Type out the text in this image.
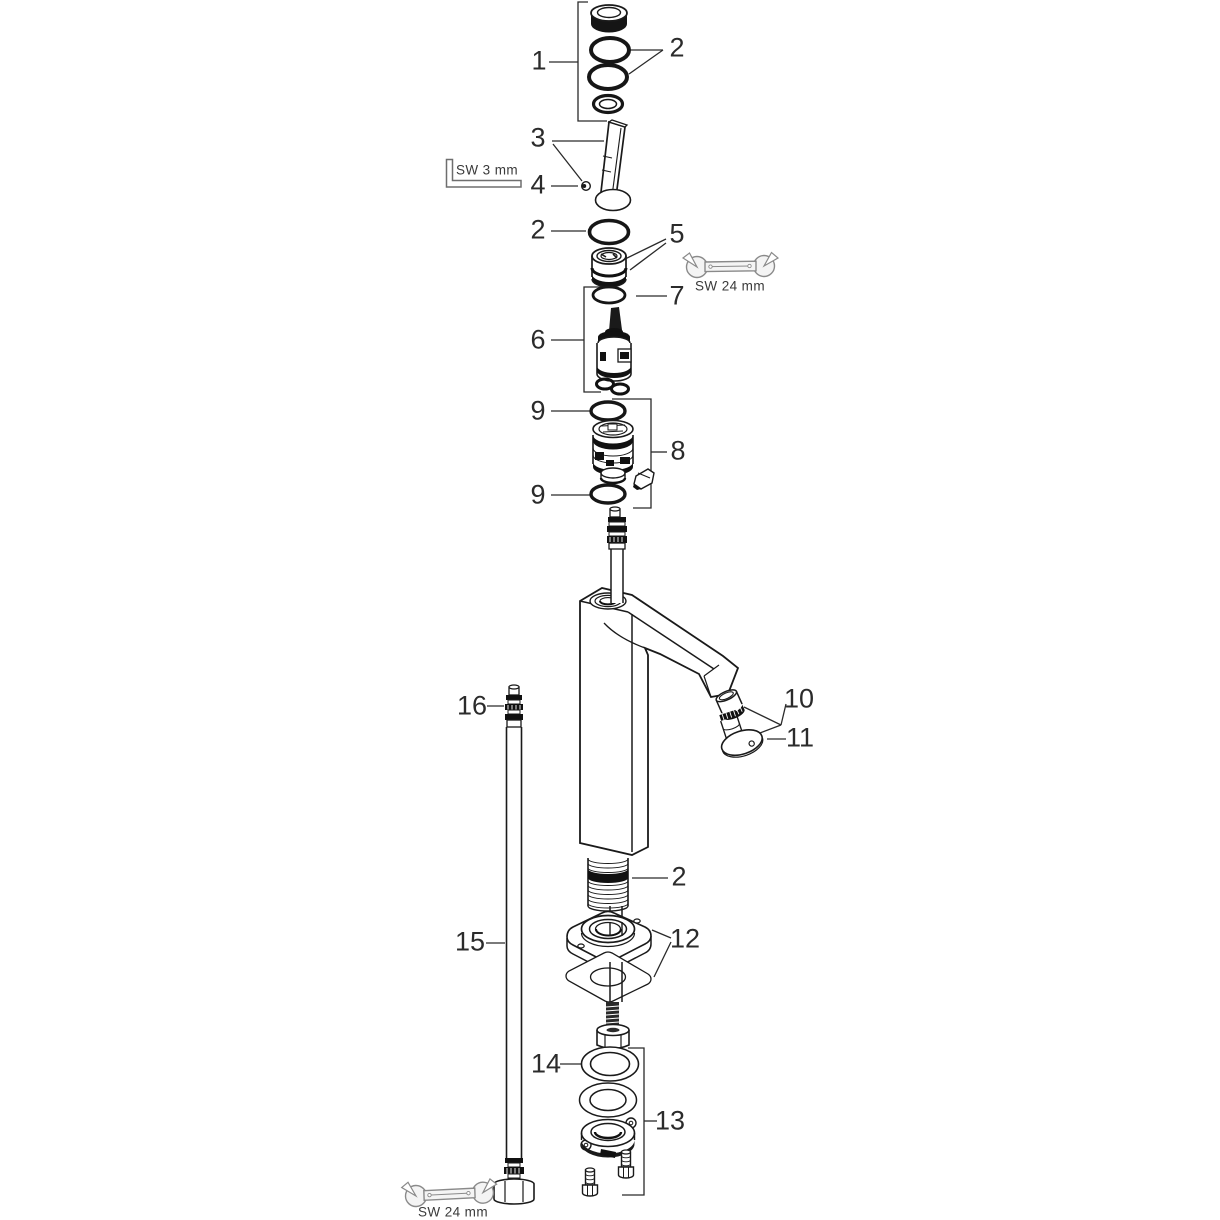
1	2
3
4
2	5
7
6
9
8
9
16	10
11
2
12
15
14
13
SW 3 mm
SW 24 mm
SW 24 mm
